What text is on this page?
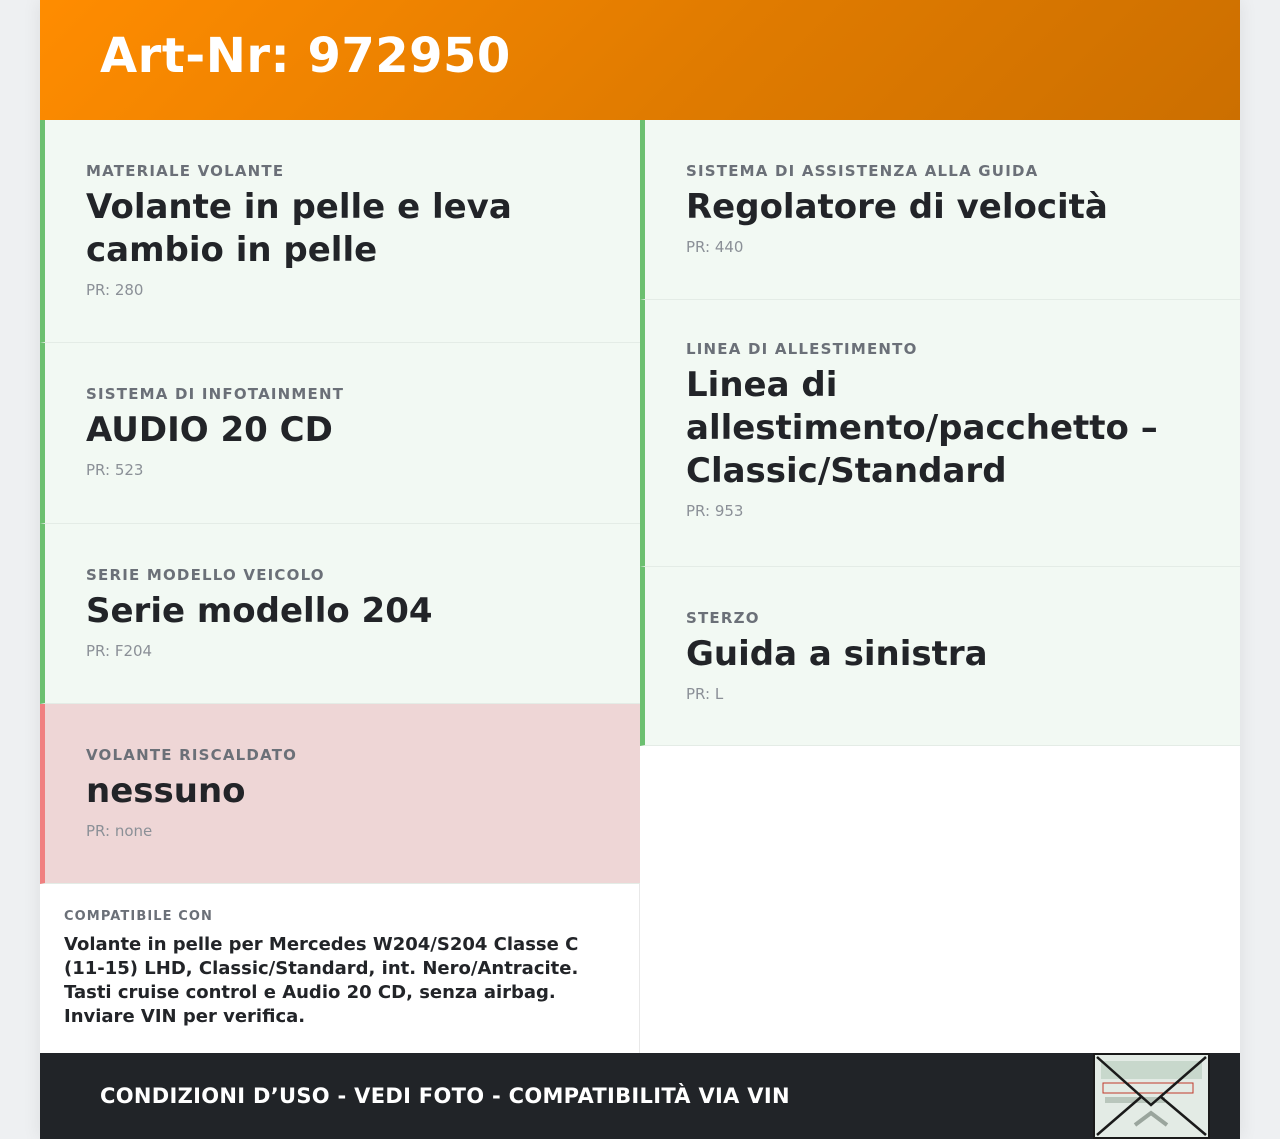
Art-Nr: 972950
MATERIALE VOLANTE
Volante in pelle e leva cambio in pelle
PR: 280
SISTEMA DI INFOTAINMENT
AUDIO 20 CD
PR: 523
SERIE MODELLO VEICOLO
Serie modello 204
PR: F204
VOLANTE RISCALDATO
nessuno
PR: none
SISTEMA DI ASSISTENZA ALLA GUIDA
Regolatore di velocità
PR: 440
LINEA DI ALLESTIMENTO
Linea di allestimento/pacchetto – Classic/Standard
PR: 953
STERZO
Guida a sinistra
PR: L
COMPATIBILE CON
Volante in pelle per Mercedes W204/S204 Classe C (11-15) LHD, Classic/Standard, int. Nero/Antracite. Tasti cruise control e Audio 20 CD, senza airbag. Inviare VIN per verifica.
CONDIZIONI D’USO - VEDI FOTO - COMPATIBILITÀ VIA VIN
